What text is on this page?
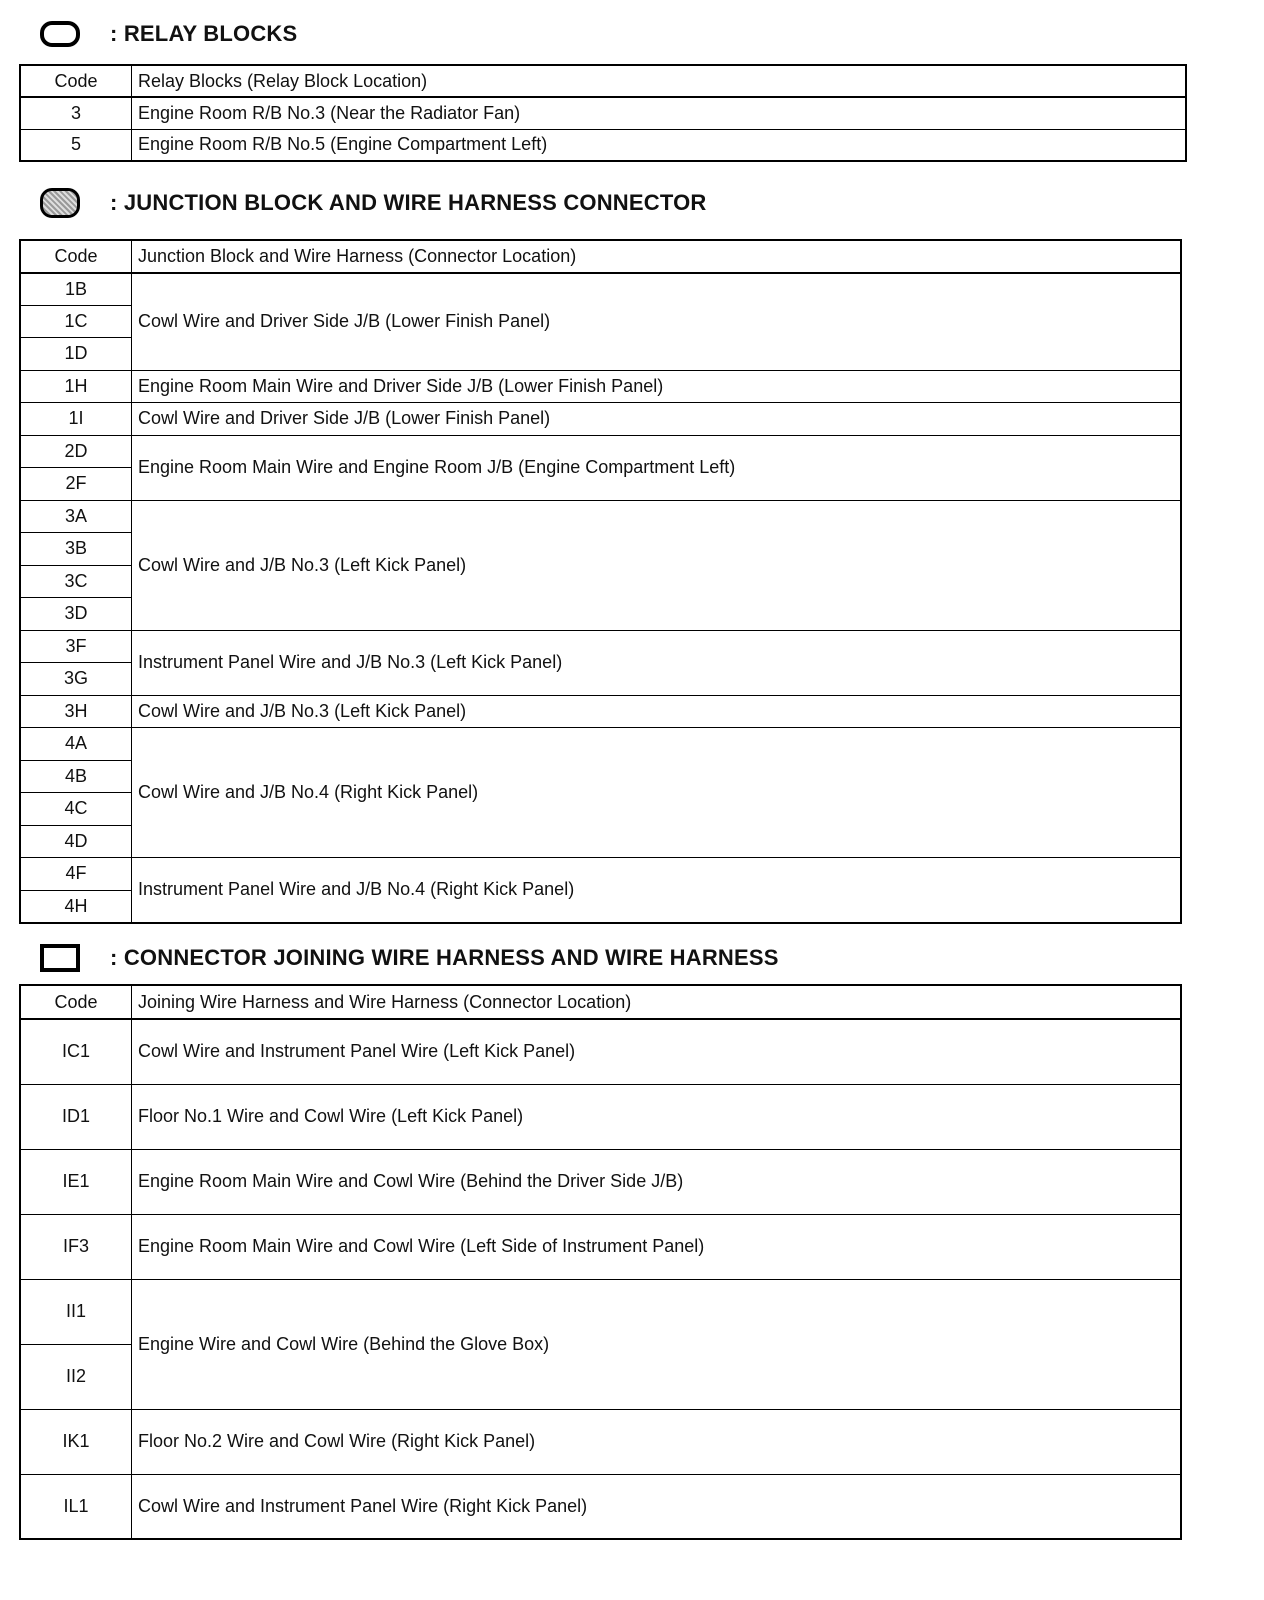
: RELAY BLOCKS
Code	Relay Blocks (Relay Block Location)
3	Engine Room R/B No.3 (Near the Radiator Fan)
5	Engine Room R/B No.5 (Engine Compartment Left)
: JUNCTION BLOCK AND WIRE HARNESS CONNECTOR
Code	Junction Block and Wire Harness (Connector Location)
1B	Cowl Wire and Driver Side J/B (Lower Finish Panel)
1C	
1D	
1H	Engine Room Main Wire and Driver Side J/B (Lower Finish Panel)
1I	Cowl Wire and Driver Side J/B (Lower Finish Panel)
2D	Engine Room Main Wire and Engine Room J/B (Engine Compartment Left)
2F	
3A	Cowl Wire and J/B No.3 (Left Kick Panel)
3B	
3C	
3D	
3F	Instrument Panel Wire and J/B No.3 (Left Kick Panel)
3G	
3H	Cowl Wire and J/B No.3 (Left Kick Panel)
4A	Cowl Wire and J/B No.4 (Right Kick Panel)
4B	
4C	
4D	
4F	Instrument Panel Wire and J/B No.4 (Right Kick Panel)
4H	
: CONNECTOR JOINING WIRE HARNESS AND WIRE HARNESS
Code	Joining Wire Harness and Wire Harness (Connector Location)
IC1	Cowl Wire and Instrument Panel Wire (Left Kick Panel)
ID1	Floor No.1 Wire and Cowl Wire (Left Kick Panel)
IE1	Engine Room Main Wire and Cowl Wire (Behind the Driver Side J/B)
IF3	Engine Room Main Wire and Cowl Wire (Left Side of Instrument Panel)
II1	Engine Wire and Cowl Wire (Behind the Glove Box)
II2	
IK1	Floor No.2 Wire and Cowl Wire (Right Kick Panel)
IL1	Cowl Wire and Instrument Panel Wire (Right Kick Panel)
